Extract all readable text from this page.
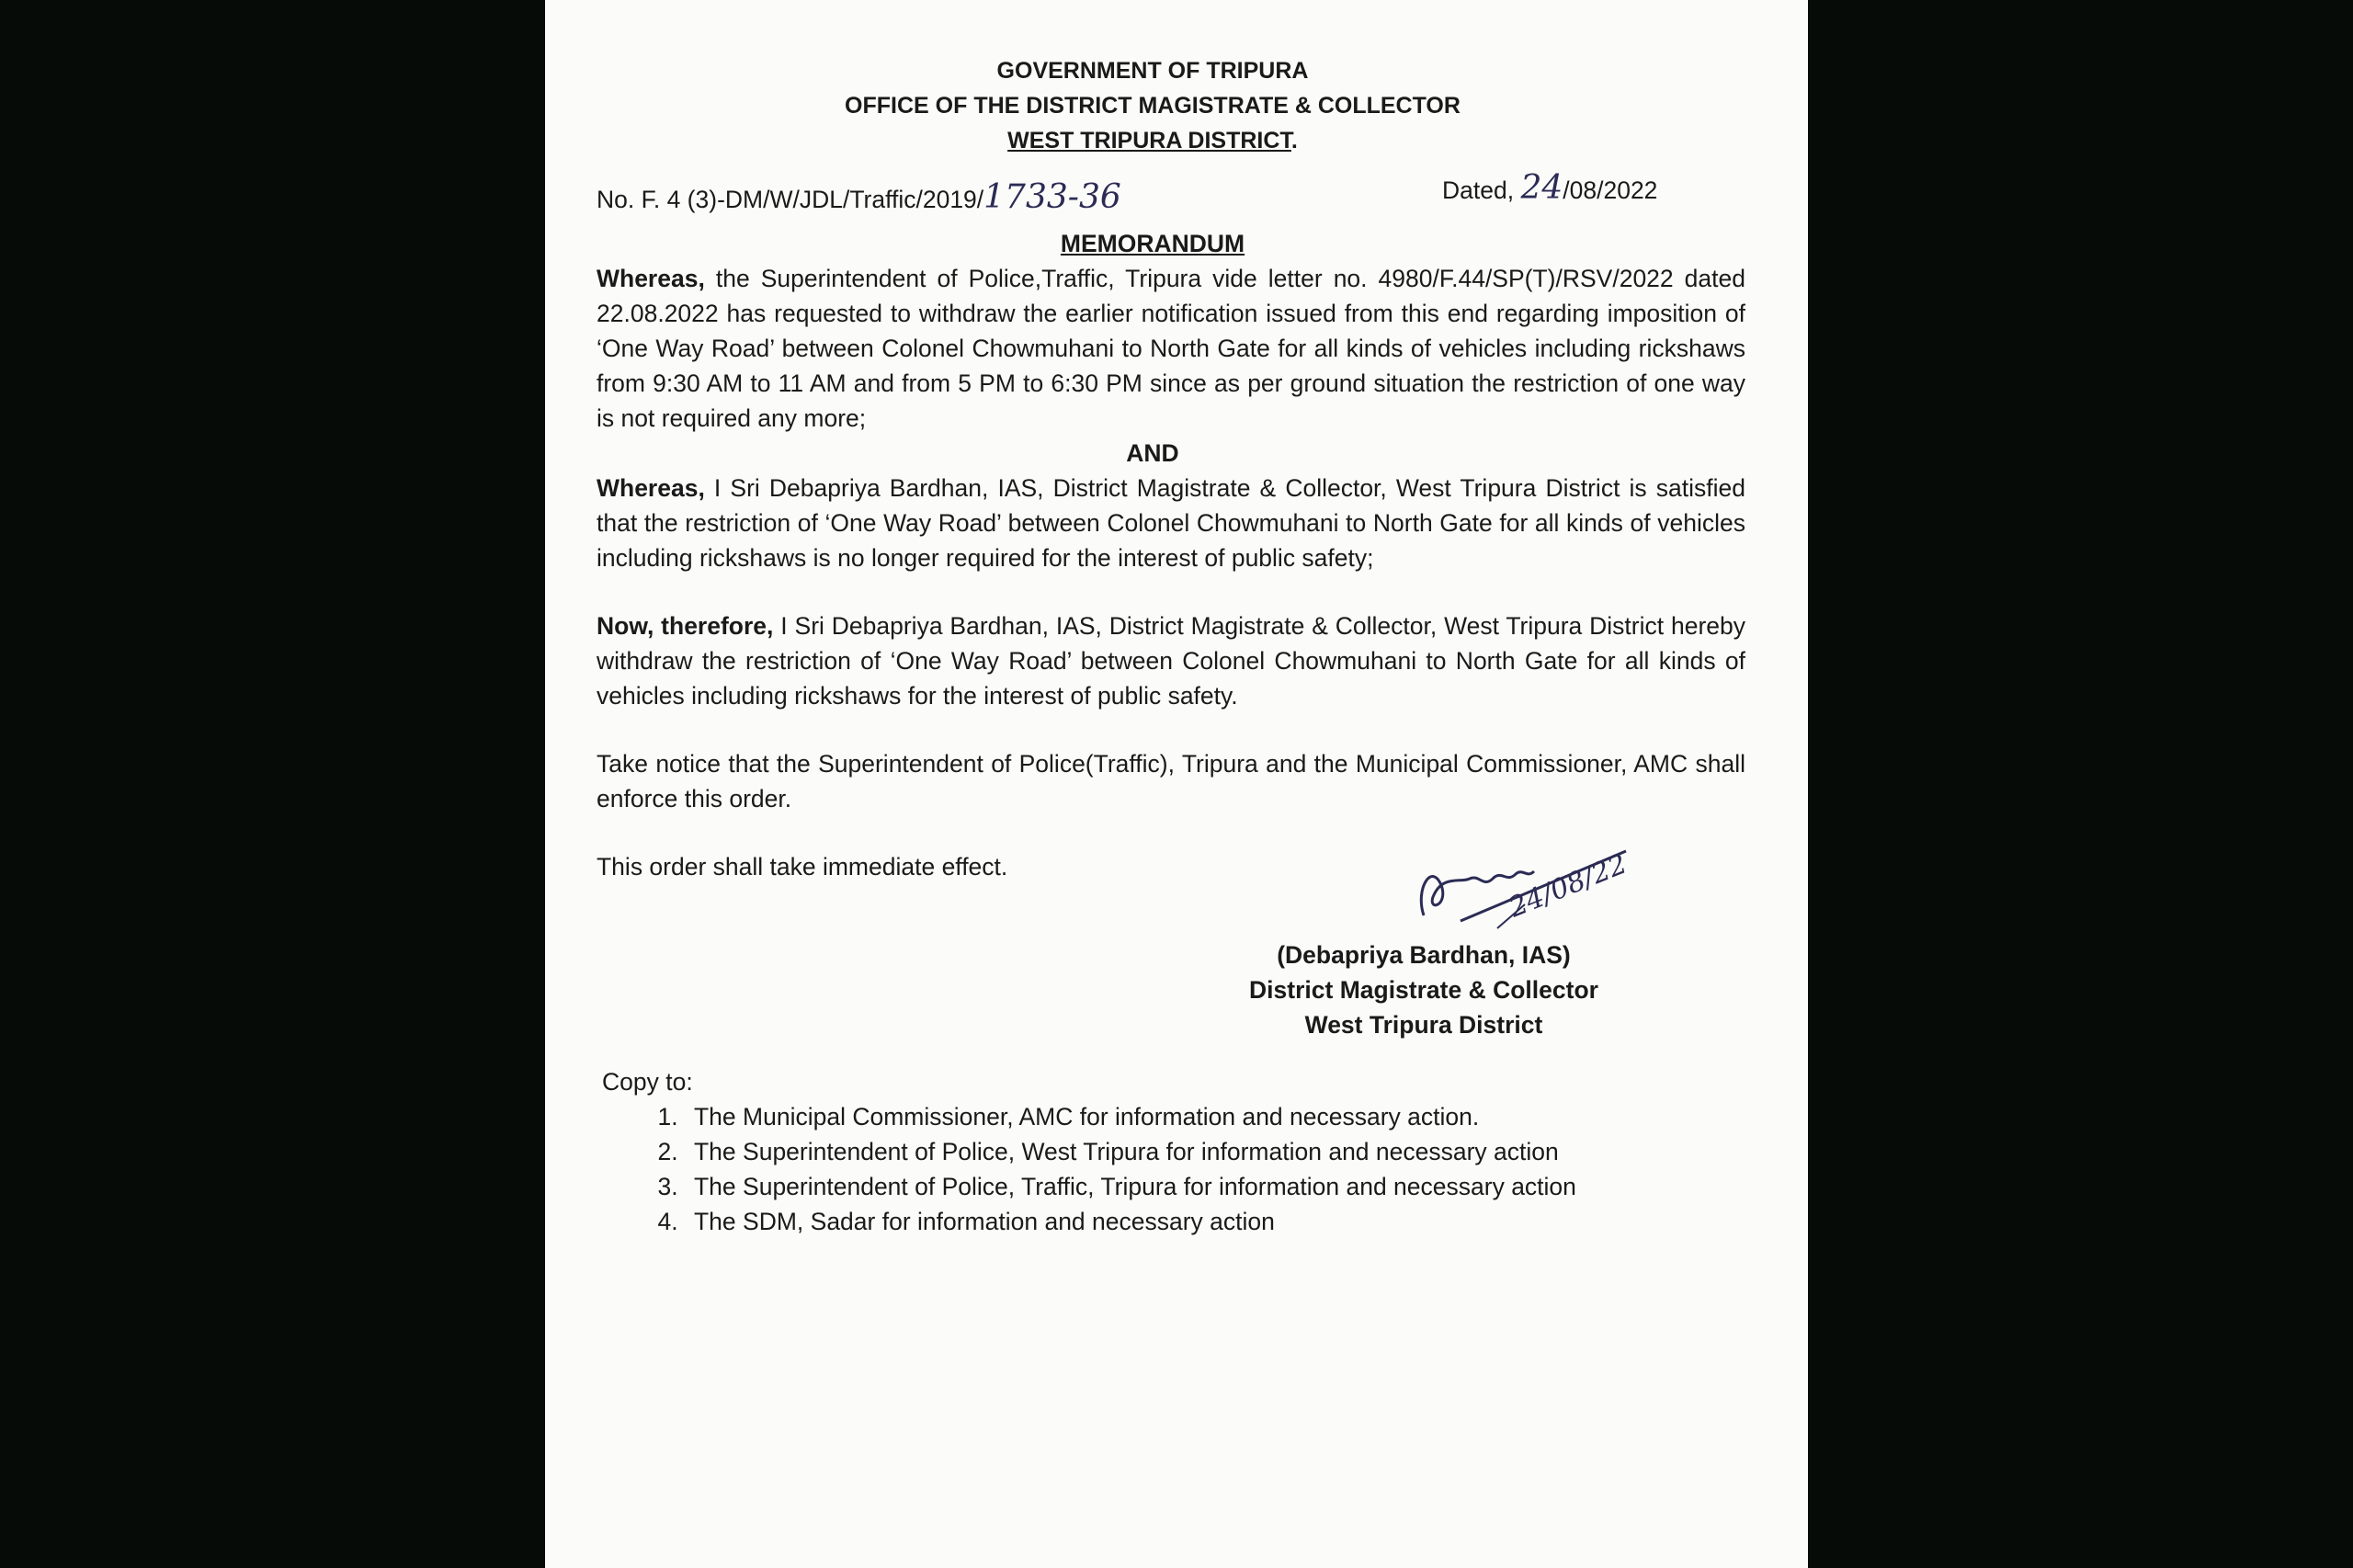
GOVERNMENT OF TRIPURA
OFFICE OF THE DISTRICT MAGISTRATE & COLLECTOR
WEST TRIPURA DISTRICT.
No. F. 4 (3)-DM/W/JDL/Traffic/2019/1733-36	Dated, 24/08/2022
MEMORANDUM

Whereas, the Superintendent of Police,Traffic, Tripura vide letter no. 4980/F.44/SP(T)/RSV/2022 dated 22.08.2022 has requested to withdraw the earlier notification issued from this end regarding imposition of ‘One Way Road’ between Colonel Chowmuhani to North Gate for all kinds of vehicles including rickshaws from 9:30 AM to 11 AM and from 5 PM to 6:30 PM since as per ground situation the restriction of one way is not required any more;

AND

Whereas, I Sri Debapriya Bardhan, IAS, District Magistrate & Collector, West Tripura District is satisfied that the restriction of ‘One Way Road’ between Colonel Chowmuhani to North Gate for all kinds of vehicles including rickshaws is no longer required for the interest of public safety;

Now, therefore, I Sri Debapriya Bardhan, IAS, District Magistrate & Collector, West Tripura District hereby withdraw the restriction of ‘One Way Road’ between Colonel Chowmuhani to North Gate for all kinds of vehicles including rickshaws for the interest of public safety.

Take notice that the Superintendent of Police(Traffic), Tripura and the Municipal Commissioner, AMC shall enforce this order.

This order shall take immediate effect.	24/08/22
(Debapriya Bardhan, IAS)
District Magistrate & Collector
West Tripura District
Copy to:
1. The Municipal Commissioner, AMC for information and necessary action.
2. The Superintendent of Police, West Tripura for information and necessary action
3. The Superintendent of Police, Traffic, Tripura for information and necessary action
4. The SDM, Sadar for information and necessary action
